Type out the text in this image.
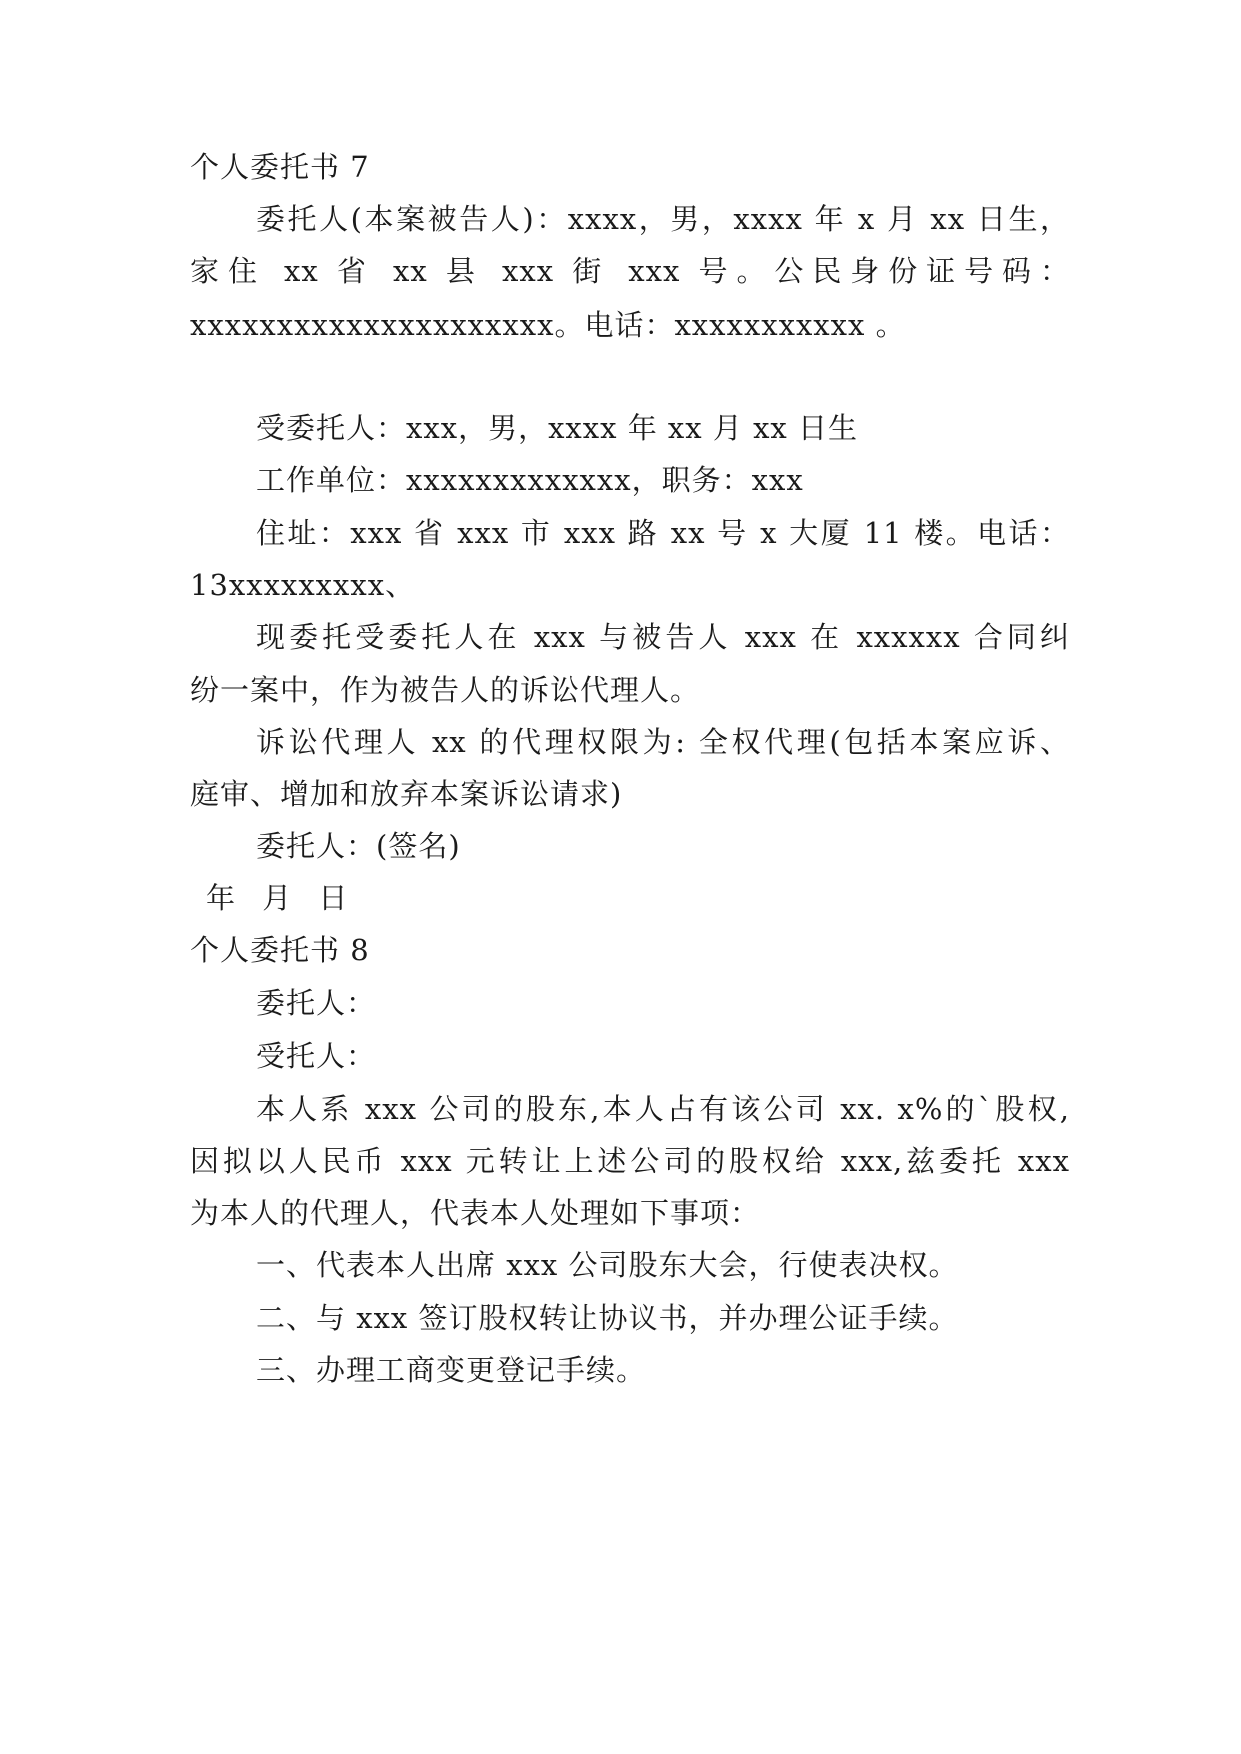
个人委托书 7
委托人(本案被告人)：xxxx，男，xxxx 年 x 月 xx 日生，
家住 xx 省 xx 县 xxx 街 xxx 号。公民身份证号码：
xxxxxxxxxxxxxxxxxxxxx。电话：xxxxxxxxxxx 。
受委托人：xxx，男，xxxx 年 xx 月 xx 日生
工作单位：xxxxxxxxxxxxx，职务：xxx
住址：xxx 省 xxx 市 xxx 路 xx 号 x 大厦 11 楼。电话：
13xxxxxxxxx、
现委托受委托人在 xxx 与被告人 xxx 在 xxxxxx 合同纠
纷一案中，作为被告人的诉讼代理人。
诉讼代理人 xx 的代理权限为: 全权代理(包括本案应诉、
庭审、增加和放弃本案诉讼请求)
委托人：(签名)
年 月 日
个人委托书 8
委托人：
受托人：
本人系 xxx 公司的股东,本人占有该公司 xx. x%的`股权,
因拟以人民币 xxx 元转让上述公司的股权给 xxx,兹委托 xxx
为本人的代理人，代表本人处理如下事项：
一、代表本人出席 xxx 公司股东大会，行使表决权。
二、与 xxx 签订股权转让协议书，并办理公证手续。
三、办理工商变更登记手续。
